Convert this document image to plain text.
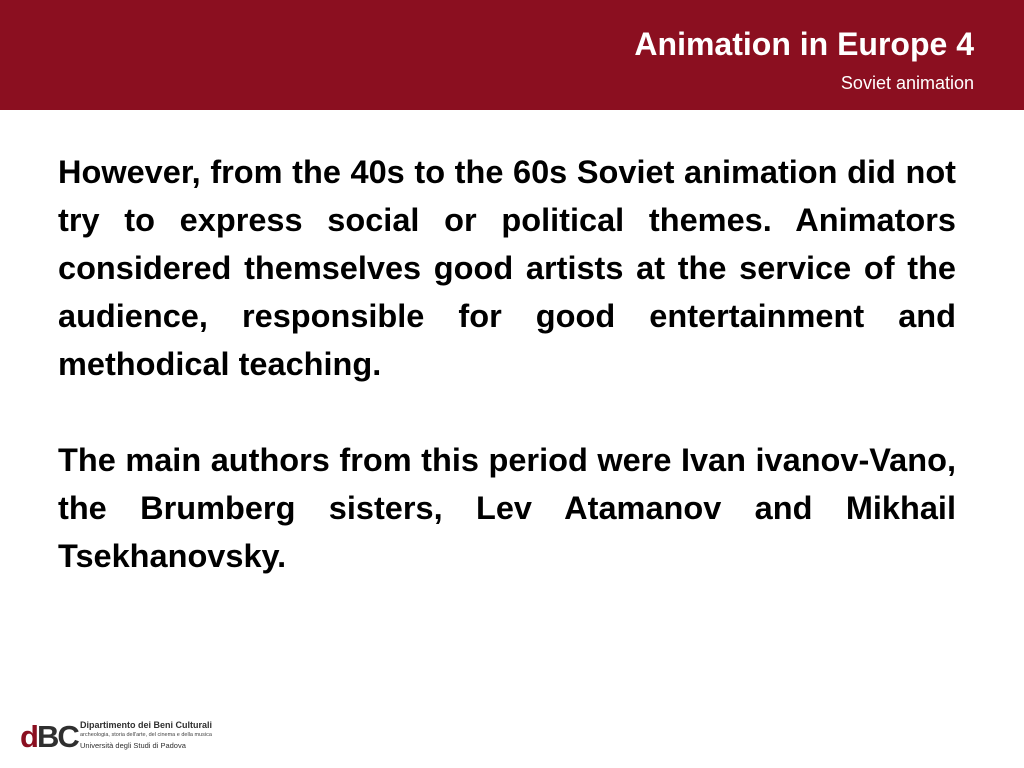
Animation in Europe 4
Soviet animation

However, from the 40s to the 60s Soviet animation did not try to express social or political themes. Animators considered themselves good artists at the service of the audience, responsible for good entertainment and methodical teaching.

The main authors from this period were Ivan ivanov-Vano, the Brumberg sisters, Lev Atamanov and Mikhail Tsekhanovsky.

dBC Dipartimento dei Beni Culturali
archeologia, storia dell'arte, del cinema e della musica
Università degli Studi di Padova
